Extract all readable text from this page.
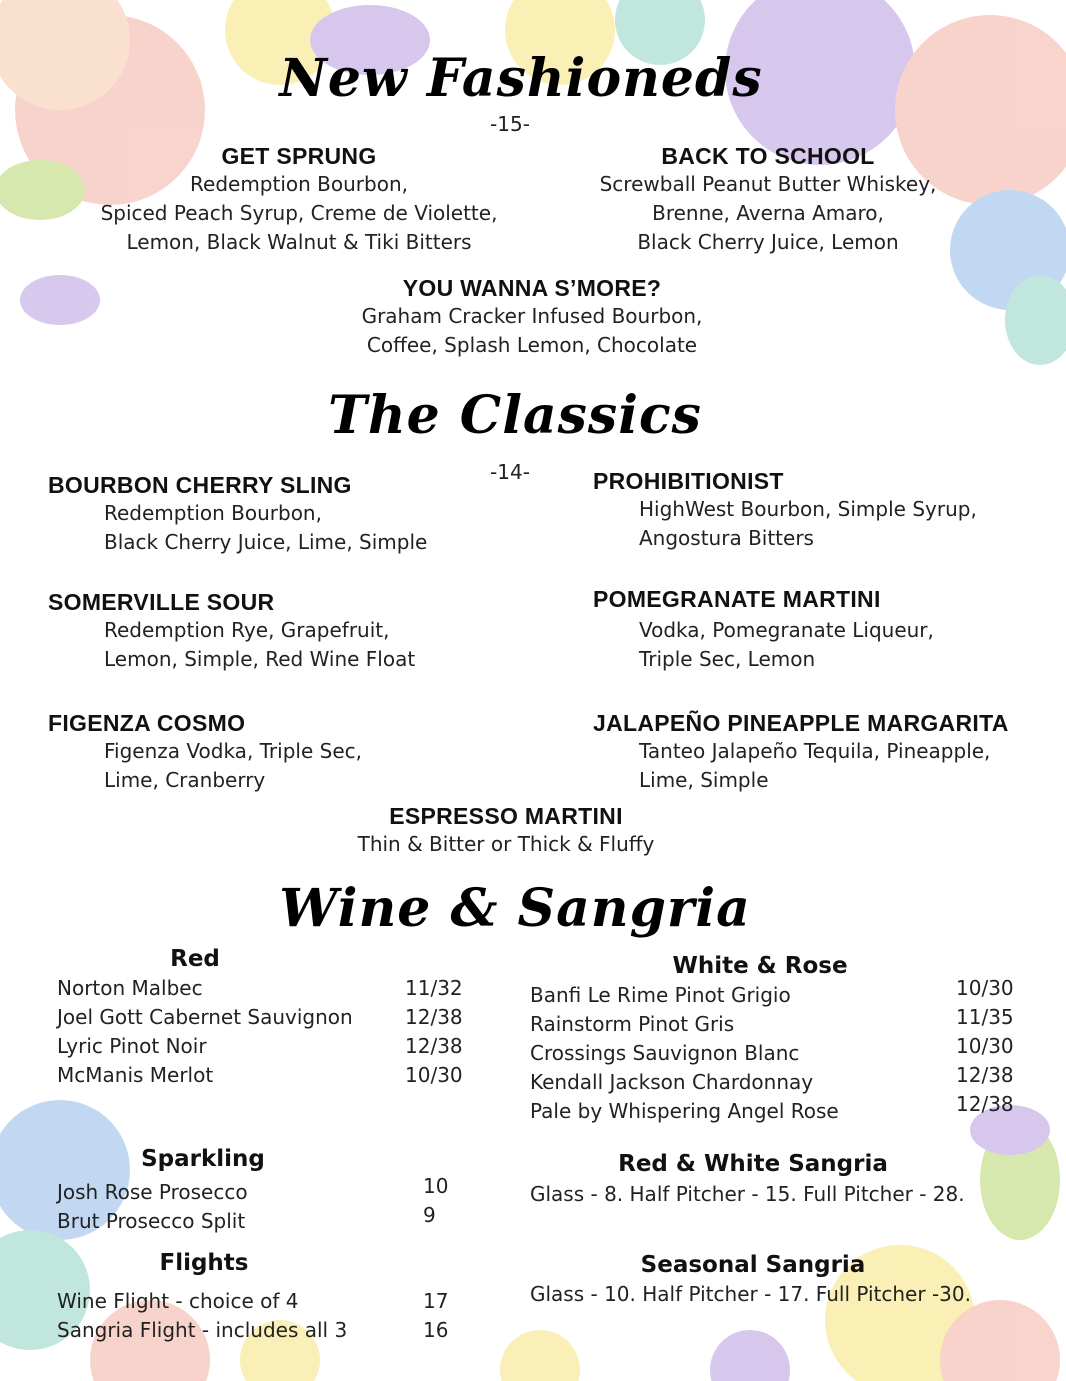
New Fashioneds
-15-
GET SPRUNG
Redemption Bourbon,
Spiced Peach Syrup, Creme de Violette,
Lemon, Black Walnut & Tiki Bitters
BACK TO SCHOOL
Screwball Peanut Butter Whiskey,
Brenne, Averna Amaro,
Black Cherry Juice, Lemon
YOU WANNA S’MORE?
Graham Cracker Infused Bourbon,
Coffee, Splash Lemon, Chocolate
The Classics
-14-
BOURBON CHERRY SLING
Redemption Bourbon,
Black Cherry Juice, Lime, Simple
PROHIBITIONIST
HighWest Bourbon, Simple Syrup,
Angostura Bitters
SOMERVILLE SOUR
Redemption Rye, Grapefruit,
Lemon, Simple, Red Wine Float
POMEGRANATE MARTINI
Vodka, Pomegranate Liqueur,
Triple Sec, Lemon
FIGENZA COSMO
Figenza Vodka, Triple Sec,
Lime, Cranberry
JALAPEÑO PINEAPPLE MARGARITA
Tanteo Jalapeño Tequila, Pineapple,
Lime, Simple
ESPRESSO MARTINI
Thin & Bitter or Thick & Fluffy
Wine & Sangria
Red
Norton Malbec	11/32
Joel Gott Cabernet Sauvignon	12/38
Lyric Pinot Noir	12/38
McManis Merlot	10/30
White & Rose
Banfi Le Rime Pinot Grigio	10/30
Rainstorm Pinot Gris	11/35
Crossings Sauvignon Blanc	10/30
Kendall Jackson Chardonnay	12/38
Pale by Whispering Angel Rose	12/38
Sparkling
Josh Rose Prosecco	10
Brut Prosecco Split	9
Flights
Wine Flight - choice of 4	17
Sangria Flight - includes all 3	16
Red & White Sangria
Glass - 8. Half Pitcher - 15. Full Pitcher - 28.
Seasonal Sangria
Glass - 10. Half Pitcher - 17. Full Pitcher -30.
